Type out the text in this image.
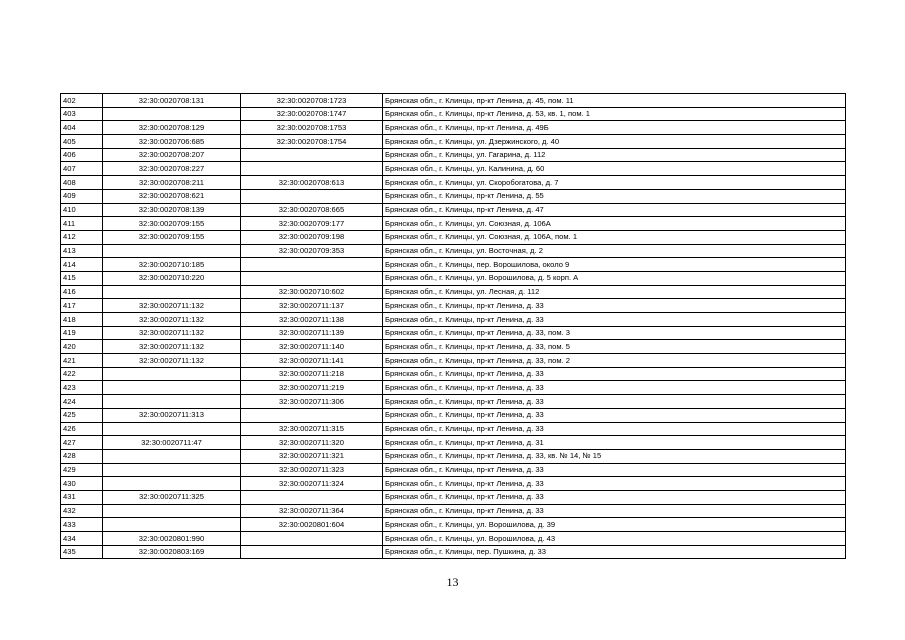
402	32:30:0020708:131	32:30:0020708:1723	Брянская обл., г. Клинцы, пр-кт Ленина, д. 45, пом. 11
403		32:30:0020708:1747	Брянская обл., г. Клинцы, пр-кт Ленина, д. 53, кв. 1, пом. 1
404	32:30:0020708:129	32:30:0020708:1753	Брянская обл., г. Клинцы, пр-кт Ленина, д. 49Б
405	32:30:0020706:685	32:30:0020708:1754	Брянская обл., г. Клинцы, ул. Дзержинского, д. 40
406	32:30:0020708:207		Брянская обл., г. Клинцы, ул. Гагарина, д. 112
407	32:30:0020708:227		Брянская обл., г. Клинцы, ул. Калинина, д. 60
408	32:30:0020708:211	32:30:0020708:613	Брянская обл., г. Клинцы, ул. Скоробогатова, д. 7
409	32:30:0020708:621		Брянская обл., г. Клинцы, пр-кт Ленина, д. 55
410	32:30:0020708:139	32:30:0020708:665	Брянская обл., г. Клинцы, пр-кт Ленина, д. 47
411	32:30:0020709:155	32:30:0020709:177	Брянская обл., г. Клинцы, ул. Союзная, д. 106А
412	32:30:0020709:155	32:30:0020709:198	Брянская обл., г. Клинцы, ул. Союзная, д. 106А, пом. 1
413		32:30:0020709:353	Брянская обл., г. Клинцы, ул. Восточная, д. 2
414	32:30:0020710:185		Брянская обл., г. Клинцы, пер. Ворошилова, около 9
415	32:30:0020710:220		Брянская обл., г. Клинцы, ул. Ворошилова, д. 5 корп. А
416		32:30:0020710:602	Брянская обл., г. Клинцы, ул. Лесная, д. 112
417	32:30:0020711:132	32:30:0020711:137	Брянская обл., г. Клинцы, пр-кт Ленина, д. 33
418	32:30:0020711:132	32:30:0020711:138	Брянская обл., г. Клинцы, пр-кт Ленина, д. 33
419	32:30:0020711:132	32:30:0020711:139	Брянская обл., г. Клинцы, пр-кт Ленина, д. 33, пом. 3
420	32:30:0020711:132	32:30:0020711:140	Брянская обл., г. Клинцы, пр-кт Ленина, д. 33, пом. 5
421	32:30:0020711:132	32:30:0020711:141	Брянская обл., г. Клинцы, пр-кт Ленина, д. 33, пом. 2
422		32:30:0020711:218	Брянская обл., г. Клинцы, пр-кт Ленина, д. 33
423		32:30:0020711:219	Брянская обл., г. Клинцы, пр-кт Ленина, д. 33
424		32:30:0020711:306	Брянская обл., г. Клинцы, пр-кт Ленина, д. 33
425	32:30:0020711:313		Брянская обл., г. Клинцы, пр-кт Ленина, д. 33
426		32:30:0020711:315	Брянская обл., г. Клинцы, пр-кт Ленина, д. 33
427	32:30:0020711:47	32:30:0020711:320	Брянская обл., г. Клинцы, пр-кт Ленина, д. 31
428		32:30:0020711:321	Брянская обл., г. Клинцы, пр-кт Ленина, д. 33, кв. № 14, № 15
429		32:30:0020711:323	Брянская обл., г. Клинцы, пр-кт Ленина, д. 33
430		32:30:0020711:324	Брянская обл., г. Клинцы, пр-кт Ленина, д. 33
431	32:30:0020711:325		Брянская обл., г. Клинцы, пр-кт Ленина, д. 33
432		32:30:0020711:364	Брянская обл., г. Клинцы, пр-кт Ленина, д. 33
433		32:30:0020801:604	Брянская обл., г. Клинцы, ул. Ворошилова, д. 39
434	32:30:0020801:990		Брянская обл., г. Клинцы, ул. Ворошилова, д. 43
435	32:30:0020803:169		Брянская обл., г. Клинцы, пер. Пушкина, д. 33
13
